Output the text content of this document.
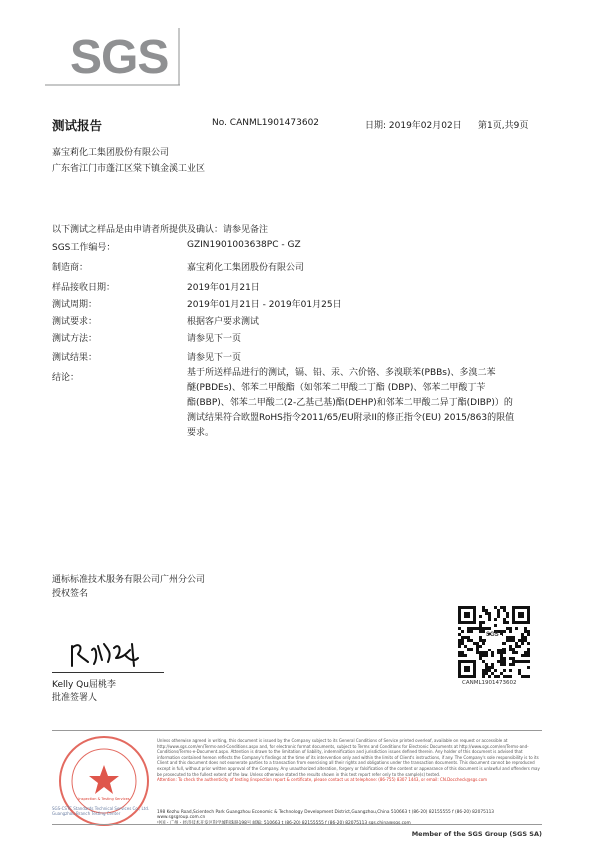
SGS
测试报告	No. CANML1901473602	日期: 2019年02月02日 第1页,共9页
嘉宝莉化工集团股份有限公司
广东省江门市蓬江区棠下镇金溪工业区
以下测试之样品是由申请者所提供及确认：请参见备注
SGS工作编号：	GZIN1901003638PC - GZ
制造商：	嘉宝莉化工集团股份有限公司
样品接收日期：	2019年01月21日
测试周期：	2019年01月21日 - 2019年01月25日
测试要求：	根据客户要求测试
测试方法：	请参见下一页
测试结果：	请参见下一页
结论：	基于所送样品进行的测试，镉、铅、汞、六价铬、多溴联苯(PBBs)、多溴二苯
醚(PBDEs)、邻苯二甲酸酯（如邻苯二甲酸二丁酯 (DBP)、邻苯二甲酸丁苄
酯(BBP)、邻苯二甲酸二(2-乙基己基)酯(DEHP)和邻苯二甲酸二异丁酯(DIBP)）的
测试结果符合欧盟RoHS指令2011/65/EU附录II的修正指令(EU) 2015/863的限值
要求。
通标标准技术服务有限公司广州分公司
授权签名
Kelly Qu屈桃李
批准签署人
SGS
CANML1901473602
Inspection & Testing Services
SGS-CSTC Standards Technical Services Co., Ltd. Guangzhou Branch Testing Center
Unless otherwise agreed in writing, this document is issued by the Company subject to its General Conditions of Service printed overleaf, available on request or accessible at http://www.sgs.com/en/Terms-and-Conditions.aspx and, for electronic format documents, subject to Terms and Conditions for Electronic Documents at http://www.sgs.com/en/Terms-and-Conditions/Terms-e-Document.aspx. Attention is drawn to the limitation of liability, indemnification and jurisdiction issues defined therein. Any holder of this document is advised that information contained hereon reflects the Company's findings at the time of its intervention only and within the limits of Client's instructions, if any. The Company's sole responsibility is to its Client and this document does not exonerate parties to a transaction from exercising all their rights and obligations under the transaction documents. This document cannot be reproduced except in full, without prior written approval of the Company. Any unauthorized alteration, forgery or falsification of the content or appearance of this document is unlawful and offenders may be prosecuted to the fullest extent of the law. Unless otherwise stated the results shown in this test report refer only to the sample(s) tested.
Attention: To check the authenticity of testing /inspection report & certificate, please contact us at telephone: (86-755) 8307 1443, or email: CN.Doccheck@sgs.com
198 Kezhu Road,Scientech Park Guangzhou Economic & Technology Development District,Guangzhou,China 510663 t (86-20) 82155555 f (86-20) 82075113 www.sgsgroup.com.cn
中国・广州・经济技术开发区科学城科珠路198号 邮编: 510663 t (86-20) 82155555 f (86-20) 82075113 sgs.china@sgs.com
Member of the SGS Group (SGS SA)
